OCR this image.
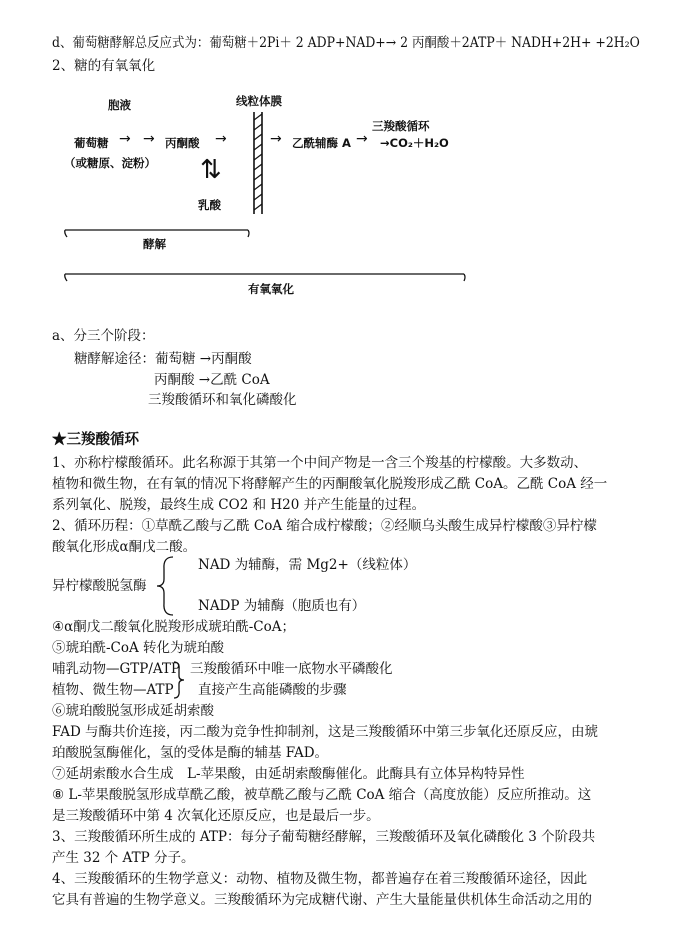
d、葡萄糖酵解总反应式为：葡萄糖＋2Pi＋ 2 ADP+NAD+→ 2 丙酮酸＋2ATP＋ NADH+2H+ +2H₂O
2、糖的有氧氧化
胞液	线粒体膜
葡萄糖
（或糖原、淀粉）
→ → 丙酮酸 →	→ 乙酰辅酶 A
三羧酸循环
→ →CO₂＋H₂O
⇅
乳酸
酵解
有氧氧化
a、分三个阶段：
糖酵解途径：葡萄糖 →丙酮酸
丙酮酸 →乙酰 CoA
三羧酸循环和氧化磷酸化
★三羧酸循环
1、亦称柠檬酸循环。此名称源于其第一个中间产物是一含三个羧基的柠檬酸。大多数动、
植物和微生物，在有氧的情况下将酵解产生的丙酮酸氧化脱羧形成乙酰 CoA。乙酰 CoA 经一
系列氧化、脱羧，最终生成 CO2 和 H20 并产生能量的过程。
2、循环历程：①草酰乙酸与乙酰 CoA 缩合成柠檬酸；②经顺乌头酸生成异柠檬酸③异柠檬
酸氧化形成α酮戊二酸。
异柠檬酸脱氢酶
NAD 为辅酶，需 Mg2+（线粒体）
NADP 为辅酶（胞质也有）
④α酮戊二酸氧化脱羧形成琥珀酰-CoA；
⑤琥珀酰-CoA 转化为琥珀酸
哺乳动物—GTP/ATP
植物、微生物—ATP
三羧酸循环中唯一底物水平磷酸化
直接产生高能磷酸的步骤
⑥琥珀酸脱氢形成延胡索酸
FAD 与酶共价连接，丙二酸为竞争性抑制剂，这是三羧酸循环中第三步氧化还原反应，由琥
珀酸脱氢酶催化，氢的受体是酶的辅基 FAD。
⑦延胡索酸水合生成　L-苹果酸，由延胡索酸酶催化。此酶具有立体异构特异性
⑧ L-苹果酸脱氢形成草酰乙酸，被草酰乙酸与乙酰 CoA 缩合（高度放能）反应所推动。这
是三羧酸循环中第 4 次氧化还原反应，也是最后一步。
3、三羧酸循环所生成的 ATP：每分子葡萄糖经酵解，三羧酸循环及氧化磷酸化 3 个阶段共
产生 32 个 ATP 分子。
4、三羧酸循环的生物学意义：动物、植物及微生物，都普遍存在着三羧酸循环途径，因此
它具有普遍的生物学意义。三羧酸循环为完成糖代谢、产生大量能量供机体生命活动之用的
